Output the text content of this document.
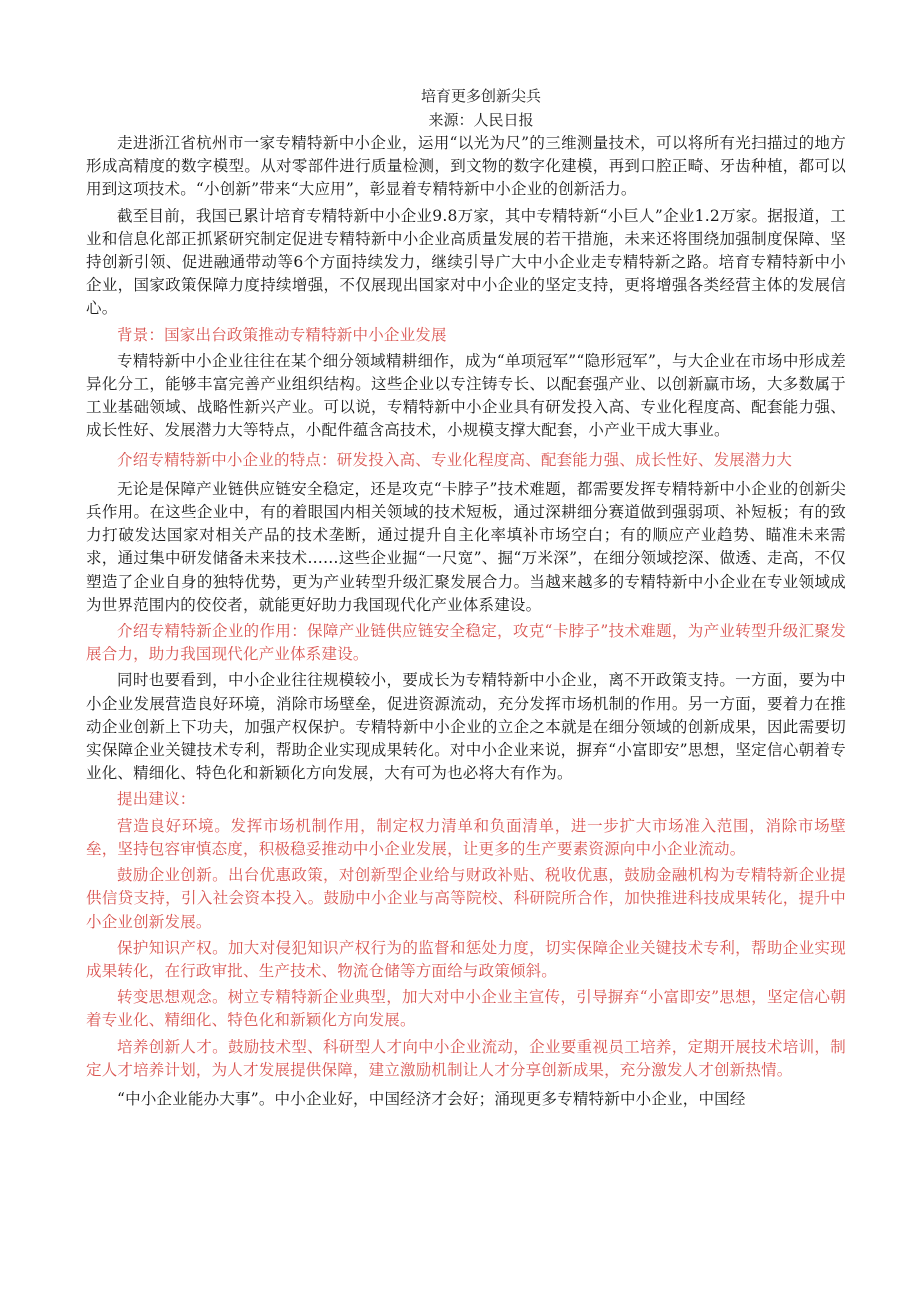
培育更多创新尖兵
来源：人民日报

走进浙江省杭州市一家专精特新中小企业，运用“以光为尺”的三维测量技术，可以将所有光扫描过的地方形成高精度的数字模型。从对零部件进行质量检测，到文物的数字化建模，再到口腔正畸、牙齿种植，都可以用到这项技术。“小创新”带来“大应用”，彰显着专精特新中小企业的创新活力。

截至目前，我国已累计培育专精特新中小企业9.8万家，其中专精特新“小巨人”企业1.2万家。据报道，工业和信息化部正抓紧研究制定促进专精特新中小企业高质量发展的若干措施，未来还将围绕加强制度保障、坚持创新引领、促进融通带动等6个方面持续发力，继续引导广大中小企业走专精特新之路。培育专精特新中小企业，国家政策保障力度持续增强，不仅展现出国家对中小企业的坚定支持，更将增强各类经营主体的发展信心。

背景：国家出台政策推动专精特新中小企业发展

专精特新中小企业往往在某个细分领域精耕细作，成为“单项冠军”“隐形冠军”，与大企业在市场中形成差异化分工，能够丰富完善产业组织结构。这些企业以专注铸专长、以配套强产业、以创新赢市场，大多数属于工业基础领域、战略性新兴产业。可以说，专精特新中小企业具有研发投入高、专业化程度高、配套能力强、成长性好、发展潜力大等特点，小配件蕴含高技术，小规模支撑大配套，小产业干成大事业。

介绍专精特新中小企业的特点：研发投入高、专业化程度高、配套能力强、成长性好、发展潜力大

无论是保障产业链供应链安全稳定，还是攻克“卡脖子”技术难题，都需要发挥专精特新中小企业的创新尖兵作用。在这些企业中，有的着眼国内相关领域的技术短板，通过深耕细分赛道做到强弱项、补短板；有的致力打破发达国家对相关产品的技术垄断，通过提升自主化率填补市场空白；有的顺应产业趋势、瞄准未来需求，通过集中研发储备未来技术……这些企业掘“一尺宽”、掘“万米深”，在细分领域挖深、做透、走高，不仅塑造了企业自身的独特优势，更为产业转型升级汇聚发展合力。当越来越多的专精特新中小企业在专业领域成为世界范围内的佼佼者，就能更好助力我国现代化产业体系建设。

介绍专精特新企业的作用：保障产业链供应链安全稳定，攻克“卡脖子”技术难题，为产业转型升级汇聚发展合力，助力我国现代化产业体系建设。

同时也要看到，中小企业往往规模较小，要成长为专精特新中小企业，离不开政策支持。一方面，要为中小企业发展营造良好环境，消除市场壁垒，促进资源流动，充分发挥市场机制的作用。另一方面，要着力在推动企业创新上下功夫，加强产权保护。专精特新中小企业的立企之本就是在细分领域的创新成果，因此需要切实保障企业关键技术专利，帮助企业实现成果转化。对中小企业来说，摒弃“小富即安”思想，坚定信心朝着专业化、精细化、特色化和新颖化方向发展，大有可为也必将大有作为。

提出建议：

营造良好环境。发挥市场机制作用，制定权力清单和负面清单，进一步扩大市场准入范围，消除市场壁垒，坚持包容审慎态度，积极稳妥推动中小企业发展，让更多的生产要素资源向中小企业流动。

鼓励企业创新。出台优惠政策，对创新型企业给与财政补贴、税收优惠，鼓励金融机构为专精特新企业提供信贷支持，引入社会资本投入。鼓励中小企业与高等院校、科研院所合作，加快推进科技成果转化，提升中小企业创新发展。

保护知识产权。加大对侵犯知识产权行为的监督和惩处力度，切实保障企业关键技术专利，帮助企业实现成果转化，在行政审批、生产技术、物流仓储等方面给与政策倾斜。

转变思想观念。树立专精特新企业典型，加大对中小企业主宣传，引导摒弃“小富即安”思想，坚定信心朝着专业化、精细化、特色化和新颖化方向发展。

培养创新人才。鼓励技术型、科研型人才向中小企业流动，企业要重视员工培养，定期开展技术培训，制定人才培养计划，为人才发展提供保障，建立激励机制让人才分享创新成果，充分激发人才创新热情。

“中小企业能办大事”。中小企业好，中国经济才会好；涌现更多专精特新中小企业，中国经
